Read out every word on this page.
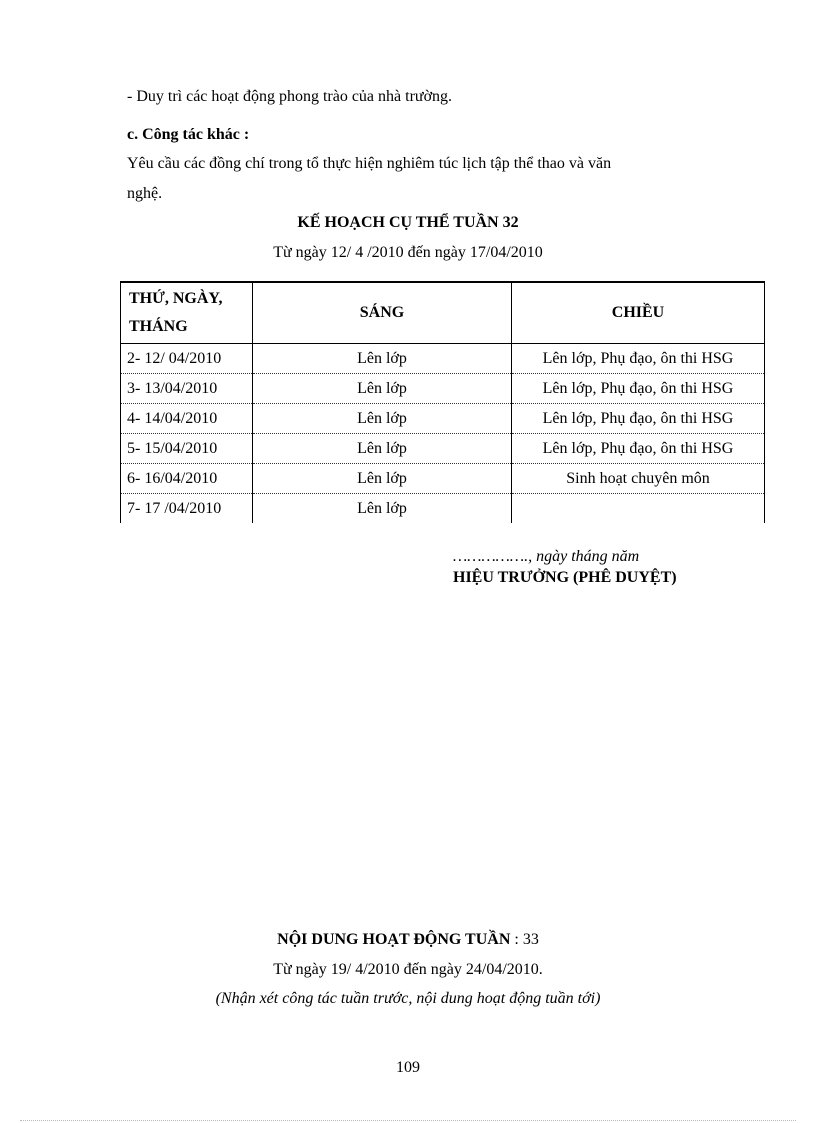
- Duy trì các hoạt động phong trào của nhà trường.
c. Công tác khác :
Yêu cầu các đồng chí trong tổ thực hiện nghiêm túc lịch tập thể thao và văn
nghệ.
KẾ HOẠCH CỤ THỂ TUẦN 32
Từ ngày 12/ 4 /2010 đến ngày 17/04/2010
THỨ, NGÀY,
THÁNG	SÁNG	CHIỀU
2- 12/ 04/2010	Lên lớp	Lên lớp, Phụ đạo, ôn thi HSG
3- 13/04/2010	Lên lớp	Lên lớp, Phụ đạo, ôn thi HSG
4- 14/04/2010	Lên lớp	Lên lớp, Phụ đạo, ôn thi HSG
5- 15/04/2010	Lên lớp	Lên lớp, Phụ đạo, ôn thi HSG
6- 16/04/2010	Lên lớp	Sinh hoạt chuyên môn
7- 17 /04/2010	Lên lớp	
……………., ngày tháng năm
HIỆU TRƯỞNG (PHÊ DUYỆT)
NỘI DUNG HOẠT ĐỘNG TUẦN : 33
Từ ngày 19/ 4/2010 đến ngày 24/04/2010.
(Nhận xét công tác tuần trước, nội dung hoạt động tuần tới)
109
